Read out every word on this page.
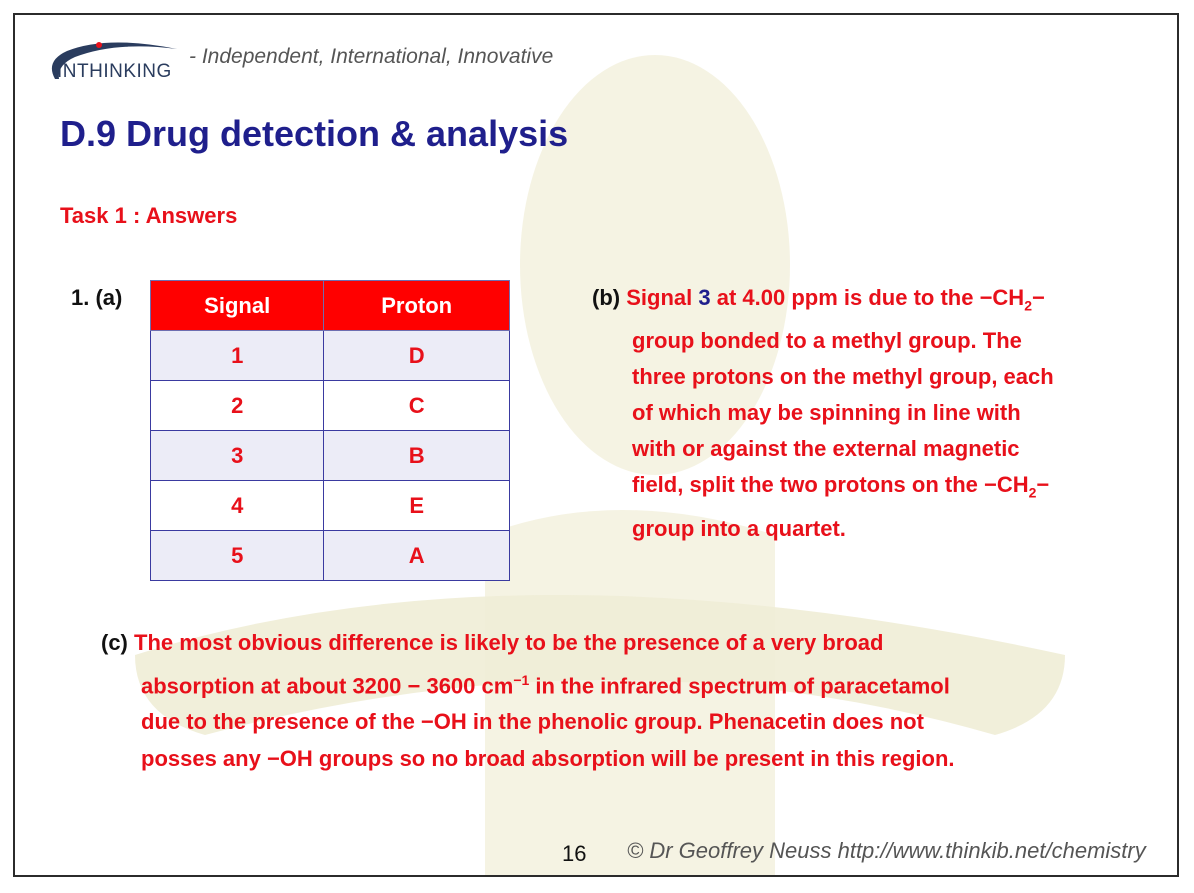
INTHINKING
- Independent, International, Innovative
D.9 Drug detection & analysis
Task 1 : Answers
1. (a)	Signal	Proton
1	D
2	C
3	B
4	E
5	A
(b) Signal 3 at 4.00 ppm is due to the $-CH_2-$
group bonded to a methyl group. The
three protons on the methyl group, each
of which may be spinning in line with
with or against the external magnetic
field, split the two protons on the $-CH_2-$
group into a quartet.
(c) The most obvious difference is likely to be the presence of a very broad
absorption at about 3200 − 3600 $cm^{-1}$ in the infrared spectrum of paracetamol
due to the presence of the −OH in the phenolic group. Phenacetin does not
posses any −OH groups so no broad absorption will be present in this region.
16 © Dr Geoffrey Neuss http://www.thinkib.net/chemistry
